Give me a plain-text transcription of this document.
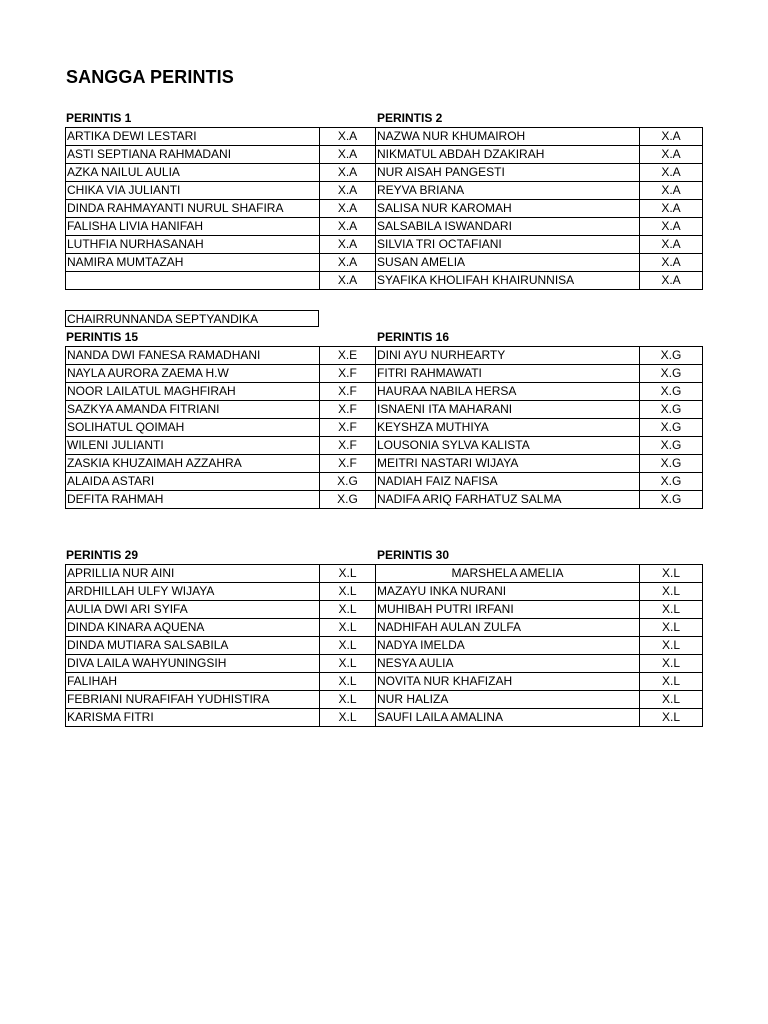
SANGGA PERINTIS
PERINTIS 1	PERINTIS 2
ARTIKA DEWI LESTARI	X.A	NAZWA NUR KHUMAIROH	X.A
ASTI SEPTIANA RAHMADANI	X.A	NIKMATUL ABDAH DZAKIRAH	X.A
AZKA NAILUL AULIA	X.A	NUR AISAH PANGESTI	X.A
CHIKA VIA JULIANTI	X.A	REYVA BRIANA	X.A
DINDA RAHMAYANTI NURUL SHAFIRA	X.A	SALISA NUR KAROMAH	X.A
FALISHA LIVIA HANIFAH	X.A	SALSABILA ISWANDARI	X.A
LUTHFIA NURHASANAH	X.A	SILVIA TRI OCTAFIANI	X.A
NAMIRA MUMTAZAH	X.A	SUSAN AMELIA	X.A
	X.A	SYAFIKA KHOLIFAH KHAIRUNNISA	X.A
CHAIRRUNNANDA SEPTYANDIKA
PERINTIS 15	PERINTIS 16
NANDA DWI FANESA RAMADHANI	X.E	DINI AYU NURHEARTY	X.G
NAYLA AURORA ZAEMA H.W	X.F	FITRI RAHMAWATI	X.G
NOOR LAILATUL MAGHFIRAH	X.F	HAURAA NABILA HERSA	X.G
SAZKYA AMANDA FITRIANI	X.F	ISNAENI ITA MAHARANI	X.G
SOLIHATUL QOIMAH	X.F	KEYSHZA MUTHIYA	X.G
WILENI JULIANTI	X.F	LOUSONIA SYLVA KALISTA	X.G
ZASKIA KHUZAIMAH AZZAHRA	X.F	MEITRI NASTARI WIJAYA	X.G
ALAIDA ASTARI	X.G	NADIAH FAIZ NAFISA	X.G
DEFITA RAHMAH	X.G	NADIFA ARIQ FARHATUZ SALMA	X.G
PERINTIS 29	PERINTIS 30
APRILLIA NUR AINI	X.L	MARSHELA AMELIA	X.L
ARDHILLAH ULFY WIJAYA	X.L	MAZAYU INKA NURANI	X.L
AULIA DWI ARI SYIFA	X.L	MUHIBAH PUTRI IRFANI	X.L
DINDA KINARA AQUENA	X.L	NADHIFAH AULAN ZULFA	X.L
DINDA MUTIARA SALSABILA	X.L	NADYA IMELDA	X.L
DIVA LAILA WAHYUNINGSIH	X.L	NESYA AULIA	X.L
FALIHAH	X.L	NOVITA NUR KHAFIZAH	X.L
FEBRIANI NURAFIFAH YUDHISTIRA	X.L	NUR HALIZA	X.L
KARISMA FITRI	X.L	SAUFI LAILA AMALINA	X.L
